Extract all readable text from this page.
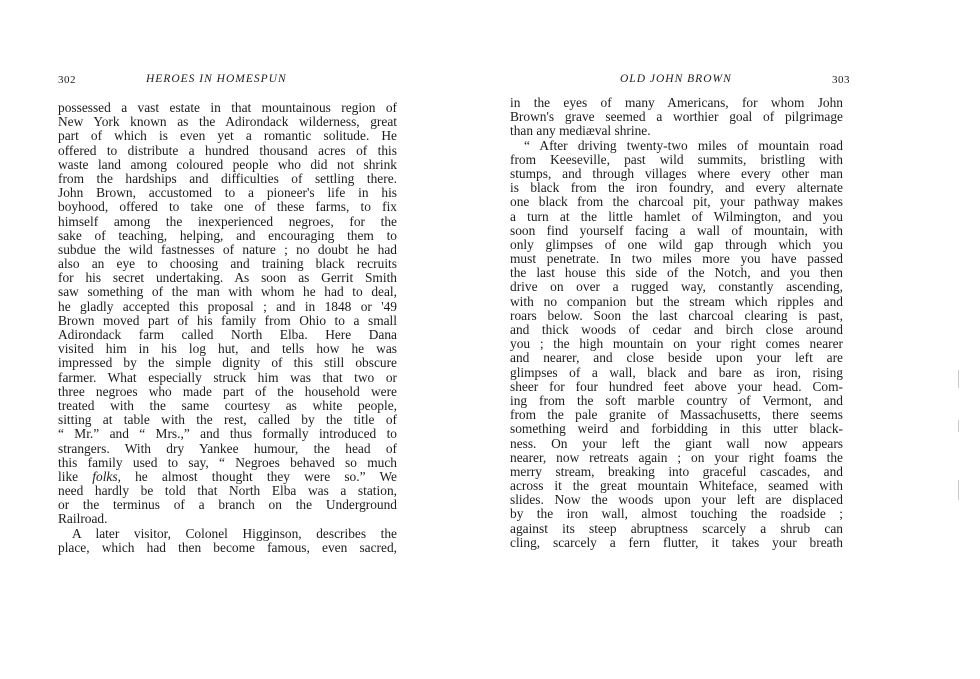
302	HEROES IN HOMESPUN
possessed a vast estate in that mountainous region of
New York known as the Adirondack wilderness, great
part of which is even yet a romantic solitude. He
offered to distribute a hundred thousand acres of this
waste land among coloured people who did not shrink
from the hardships and difficulties of settling there.
John Brown, accustomed to a pioneer's life in his
boyhood, offered to take one of these farms, to fix
himself among the inexperienced negroes, for the
sake of teaching, helping, and encouraging them to
subdue the wild fastnesses of nature ; no doubt he had
also an eye to choosing and training black recruits
for his secret undertaking. As soon as Gerrit Smith
saw something of the man with whom he had to deal,
he gladly accepted this proposal ; and in 1848 or '49
Brown moved part of his family from Ohio to a small
Adirondack farm called North Elba. Here Dana
visited him in his log hut, and tells how he was
impressed by the simple dignity of this still obscure
farmer. What especially struck him was that two or
three negroes who made part of the household were
treated with the same courtesy as white people,
sitting at table with the rest, called by the title of
“ Mr.” and “ Mrs.,” and thus formally introduced to
strangers. With dry Yankee humour, the head of
this family used to say, “ Negroes behaved so much
like folks, he almost thought they were so.” We
need hardly be told that North Elba was a station,
or the terminus of a branch on the Underground
Railroad.
A later visitor, Colonel Higginson, describes the
place, which had then become famous, even sacred,
OLD JOHN BROWN	303
in the eyes of many Americans, for whom John
Brown's grave seemed a worthier goal of pilgrimage
than any mediæval shrine.
“ After driving twenty-two miles of mountain road
from Keeseville, past wild summits, bristling with
stumps, and through villages where every other man
is black from the iron foundry, and every alternate
one black from the charcoal pit, your pathway makes
a turn at the little hamlet of Wilmington, and you
soon find yourself facing a wall of mountain, with
only glimpses of one wild gap through which you
must penetrate. In two miles more you have passed
the last house this side of the Notch, and you then
drive on over a rugged way, constantly ascending,
with no companion but the stream which ripples and
roars below. Soon the last charcoal clearing is past,
and thick woods of cedar and birch close around
you ; the high mountain on your right comes nearer
and nearer, and close beside upon your left are
glimpses of a wall, black and bare as iron, rising
sheer for four hundred feet above your head. Com-
ing from the soft marble country of Vermont, and
from the pale granite of Massachusetts, there seems
something weird and forbidding in this utter black-
ness. On your left the giant wall now appears
nearer, now retreats again ; on your right foams the
merry stream, breaking into graceful cascades, and
across it the great mountain Whiteface, seamed with
slides. Now the woods upon your left are displaced
by the iron wall, almost touching the roadside ;
against its steep abruptness scarcely a shrub can
cling, scarcely a fern flutter, it takes your breath
